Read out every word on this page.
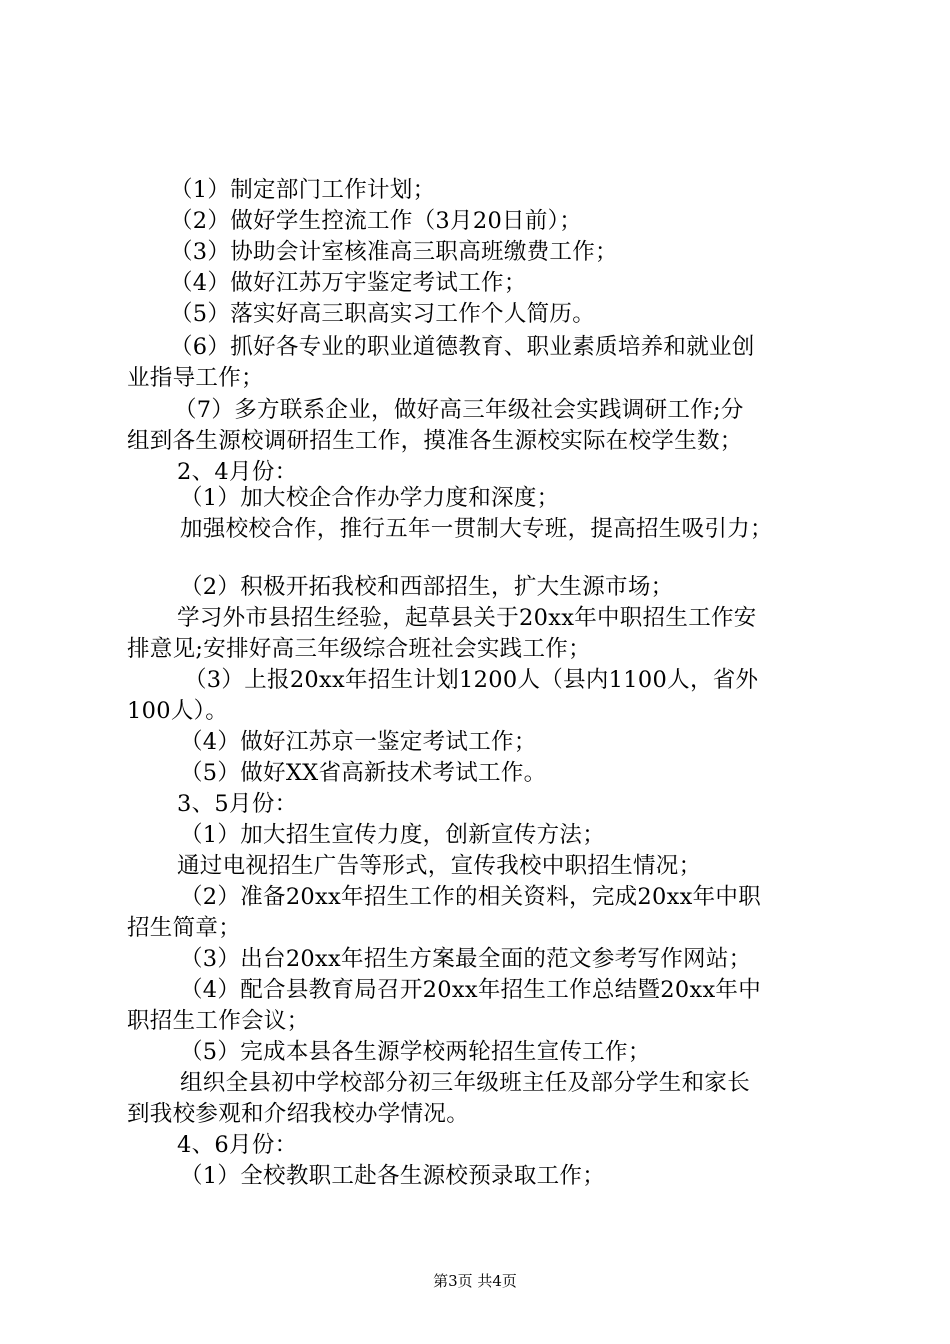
（1）制定部门工作计划；
（2）做好学生控流工作（3月20日前）；
（3）协助会计室核准高三职高班缴费工作；
（4）做好江苏万宇鉴定考试工作；
（5）落实好高三职高实习工作个人简历。
（6）抓好各专业的职业道德教育、职业素质培养和就业创
业指导工作；
（7）多方联系企业，做好高三年级社会实践调研工作;分
组到各生源校调研招生工作，摸准各生源校实际在校学生数；
2、4月份：
（1）加大校企合作办学力度和深度；
加强校校合作，推行五年一贯制大专班，提高招生吸引力；
（2）积极开拓我校和西部招生，扩大生源市场；
学习外市县招生经验，起草县关于20xx年中职招生工作安
排意见;安排好高三年级综合班社会实践工作；
（3）上报20xx年招生计划1200人（县内1100人，省外
100人）。
（4）做好江苏京一鉴定考试工作；
（5）做好XX省高新技术考试工作。
3、5月份：
（1）加大招生宣传力度，创新宣传方法；
通过电视招生广告等形式，宣传我校中职招生情况；
（2）准备20xx年招生工作的相关资料，完成20xx年中职
招生简章；
（3）出台20xx年招生方案最全面的范文参考写作网站；
（4）配合县教育局召开20xx年招生工作总结暨20xx年中
职招生工作会议；
（5）完成本县各生源学校两轮招生宣传工作；
组织全县初中学校部分初三年级班主任及部分学生和家长
到我校参观和介绍我校办学情况。
4、6月份：
（1）全校教职工赴各生源校预录取工作；
第3页 共4页
